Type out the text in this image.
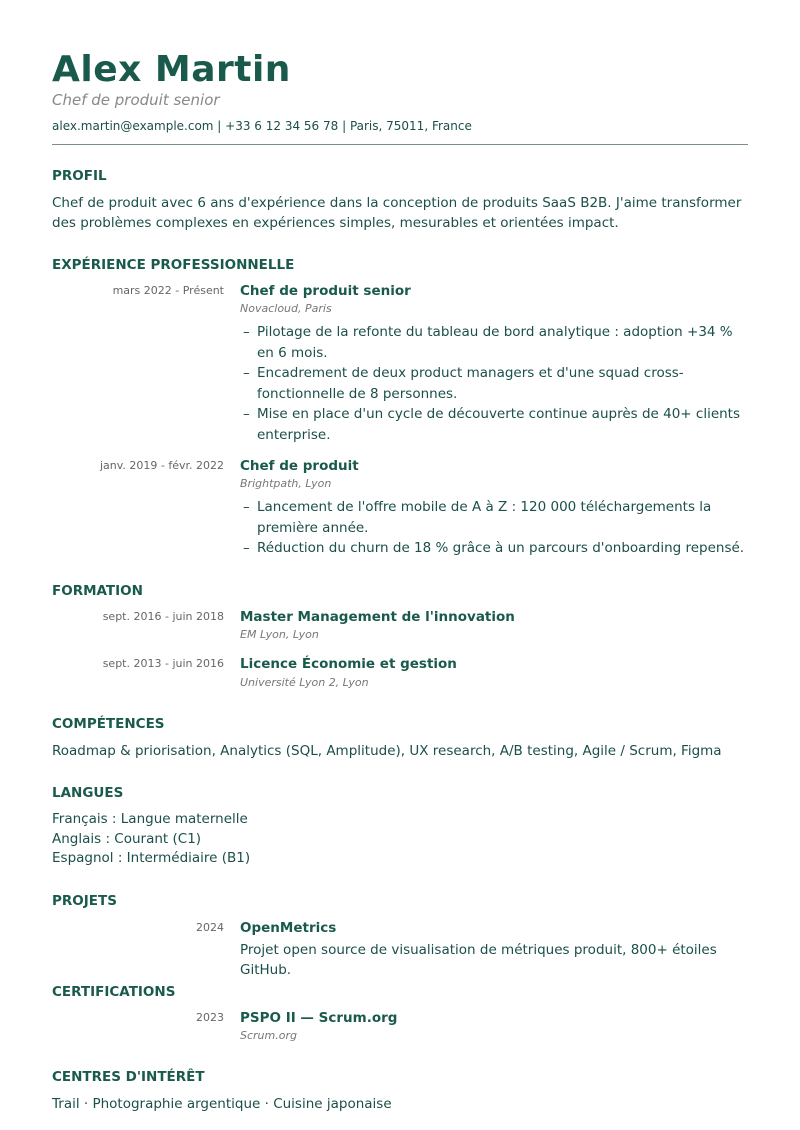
Alex Martin
Chef de produit senior
alex.martin@example.com | +33 6 12 34 56 78 | Paris, 75011, France
PROFIL
Chef de produit avec 6 ans d'expérience dans la conception de produits SaaS B2B. J'aime transformer des problèmes complexes en expériences simples, mesurables et orientées impact.
EXPÉRIENCE PROFESSIONNELLE
mars 2022 - Présent Chef de produit senior
Novacloud, Paris
– Pilotage de la refonte du tableau de bord analytique : adoption +34 % en 6 mois.
– Encadrement de deux product managers et d'une squad cross-fonctionnelle de 8 personnes.
– Mise en place d'un cycle de découverte continue auprès de 40+ clients enterprise.
janv. 2019 - févr. 2022 Chef de produit
Brightpath, Lyon
– Lancement de l'offre mobile de A à Z : 120 000 téléchargements la première année.
– Réduction du churn de 18 % grâce à un parcours d'onboarding repensé.
FORMATION
sept. 2016 - juin 2018 Master Management de l'innovation
EM Lyon, Lyon
sept. 2013 - juin 2016 Licence Économie et gestion
Université Lyon 2, Lyon
COMPÉTENCES
Roadmap & priorisation, Analytics (SQL, Amplitude), UX research, A/B testing, Agile / Scrum, Figma
LANGUES
Français : Langue maternelle
Anglais : Courant (C1)
Espagnol : Intermédiaire (B1)
PROJETS
2024 OpenMetrics
Projet open source de visualisation de métriques produit, 800+ étoiles GitHub.
CERTIFICATIONS
2023 PSPO II — Scrum.org
Scrum.org
CENTRES D'INTÉRÊT
Trail · Photographie argentique · Cuisine japonaise
